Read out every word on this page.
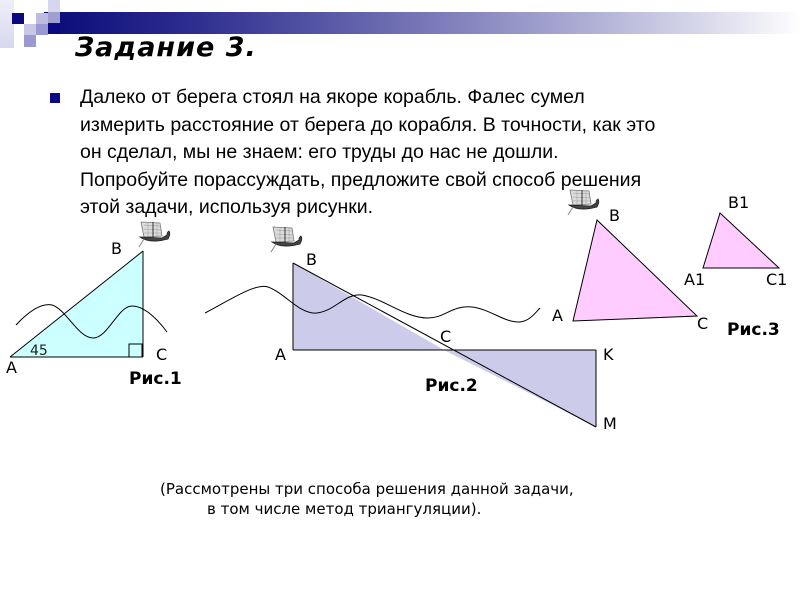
Задание 3.
Далеко от берега стоял на якоре корабль. Фалес сумел
измерить расстояние от берега до корабля. В точности, как это
он сделал, мы не знаем: его труды до нас не дошли.
Попробуйте порассуждать, предложите свой способ решения
этой задачи, используя рисунки.
B
A
C
45
Рис.1
B
A
C
K
M
Рис.2
B
A	C
B1
A1	C1
Рис.3
(Рассмотрены три способа решения данной задачи,
в том числе метод триангуляции).
